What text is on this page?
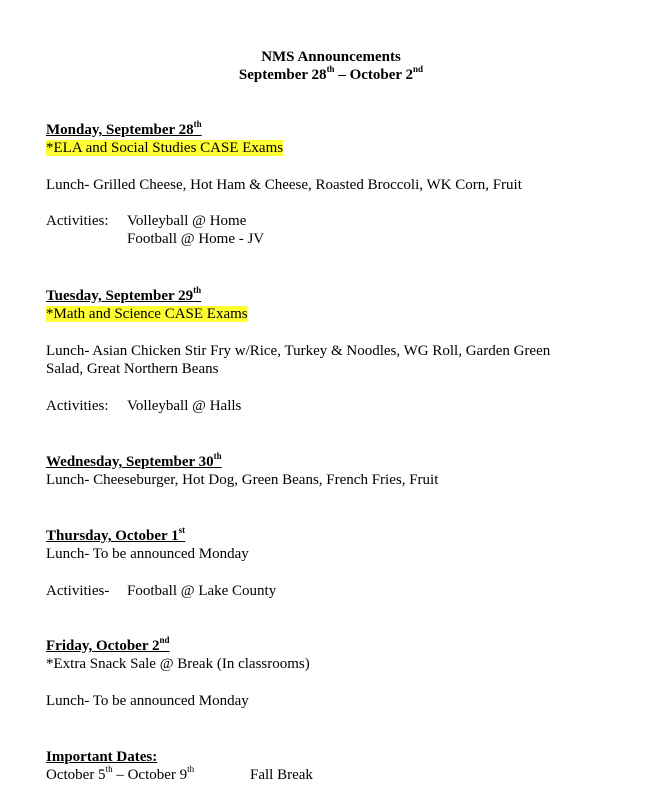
NMS Announcements
September 28th – October 2nd
Monday, September 28th
*ELA and Social Studies CASE Exams
Lunch- Grilled Cheese, Hot Ham & Cheese, Roasted Broccoli, WK Corn, Fruit
Activities: Volleyball @ Home
Football @ Home - JV
Tuesday, September 29th
*Math and Science CASE Exams
Lunch- Asian Chicken Stir Fry w/Rice, Turkey & Noodles, WG Roll, Garden Green
Salad, Great Northern Beans
Activities: Volleyball @ Halls
Wednesday, September 30th
Lunch- Cheeseburger, Hot Dog, Green Beans, French Fries, Fruit
Thursday, October 1st
Lunch- To be announced Monday
Activities- Football @ Lake County
Friday, October 2nd
*Extra Snack Sale @ Break (In classrooms)
Lunch- To be announced Monday
Important Dates:
October 5th – October 9th	Fall Break
